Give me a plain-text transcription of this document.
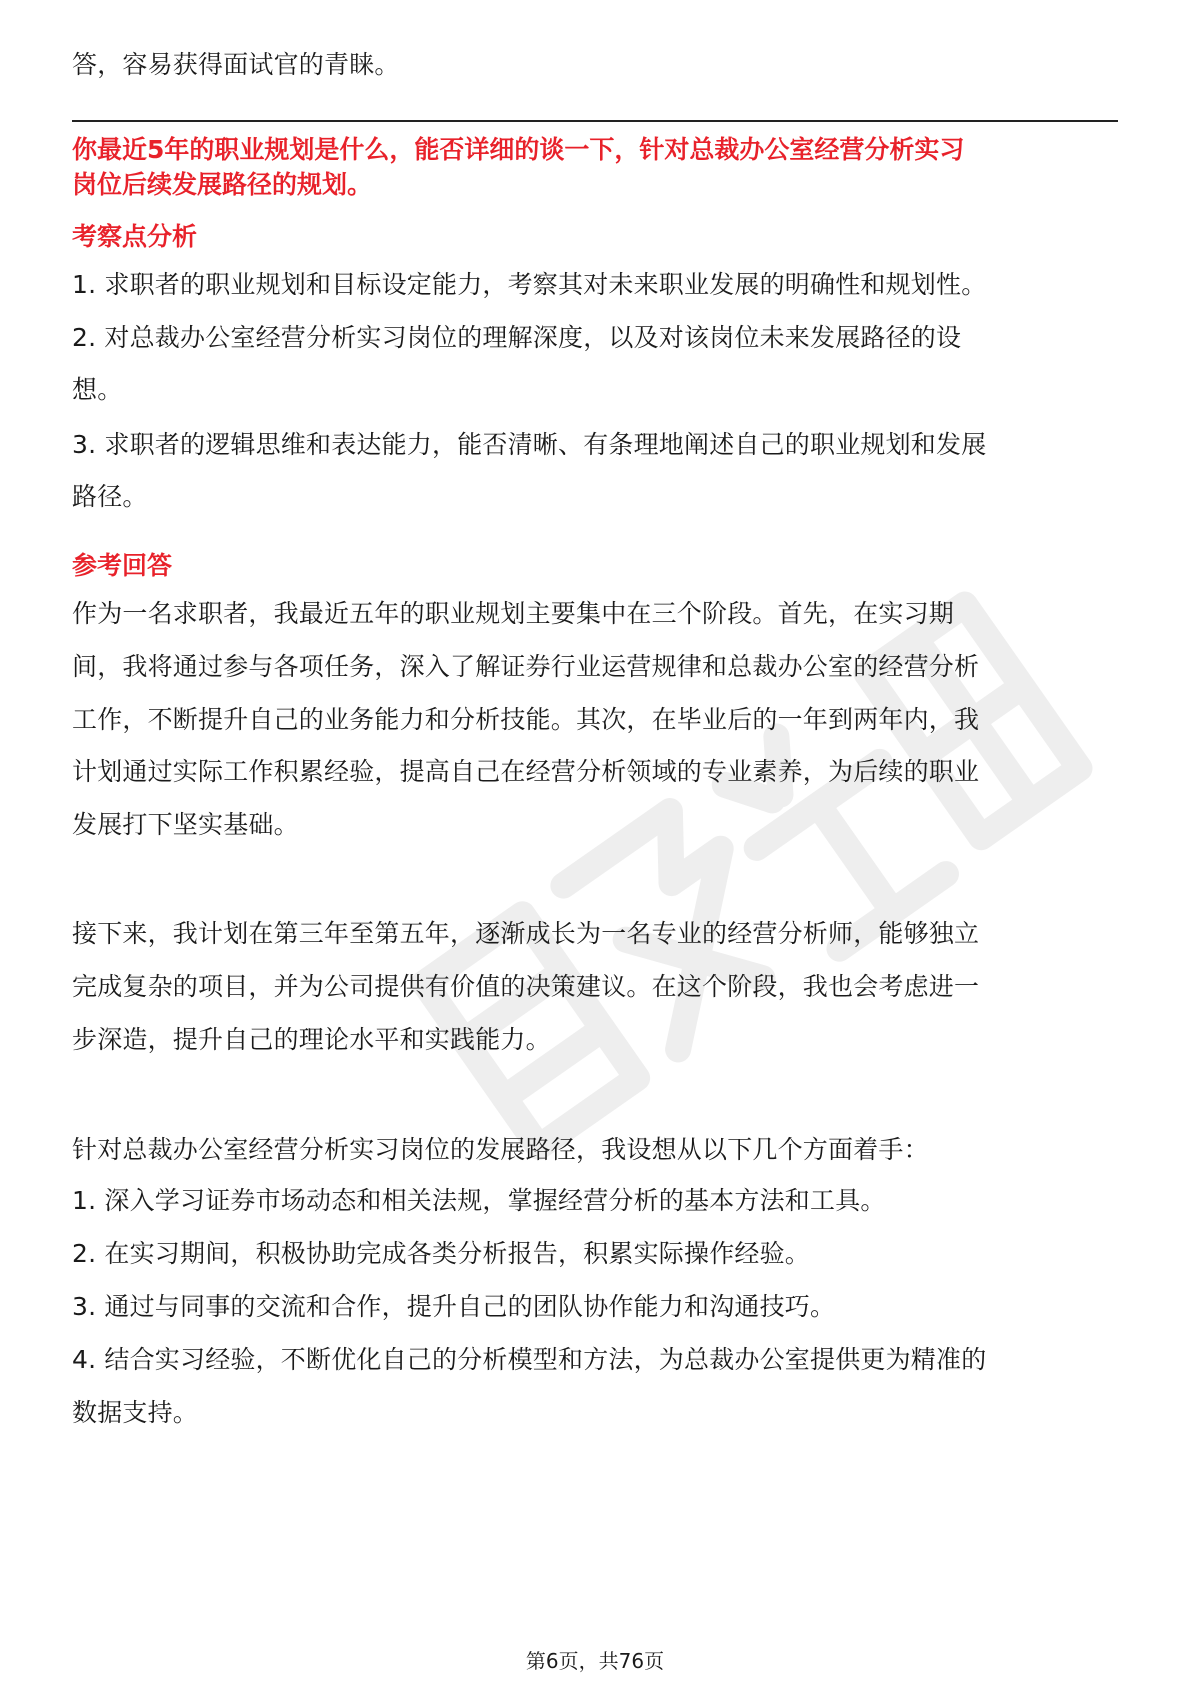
答，容易获得面试官的青睐。
你最近5年的职业规划是什么，能否详细的谈一下，针对总裁办公室经营分析实习
岗位后续发展路径的规划。
考察点分析
1. 求职者的职业规划和目标设定能力，考察其对未来职业发展的明确性和规划性。
2. 对总裁办公室经营分析实习岗位的理解深度，以及对该岗位未来发展路径的设
想。
3. 求职者的逻辑思维和表达能力，能否清晰、有条理地阐述自己的职业规划和发展
路径。
参考回答
作为一名求职者，我最近五年的职业规划主要集中在三个阶段。首先，在实习期
间，我将通过参与各项任务，深入了解证券行业运营规律和总裁办公室的经营分析
工作，不断提升自己的业务能力和分析技能。其次，在毕业后的一年到两年内，我
计划通过实际工作积累经验，提高自己在经营分析领域的专业素养，为后续的职业
发展打下坚实基础。
接下来，我计划在第三年至第五年，逐渐成长为一名专业的经营分析师，能够独立
完成复杂的项目，并为公司提供有价值的决策建议。在这个阶段，我也会考虑进一
步深造，提升自己的理论水平和实践能力。
针对总裁办公室经营分析实习岗位的发展路径，我设想从以下几个方面着手：
1. 深入学习证券市场动态和相关法规，掌握经营分析的基本方法和工具。
2. 在实习期间，积极协助完成各类分析报告，积累实际操作经验。
3. 通过与同事的交流和合作，提升自己的团队协作能力和沟通技巧。
4. 结合实习经验，不断优化自己的分析模型和方法，为总裁办公室提供更为精准的
数据支持。
第6页，共76页
